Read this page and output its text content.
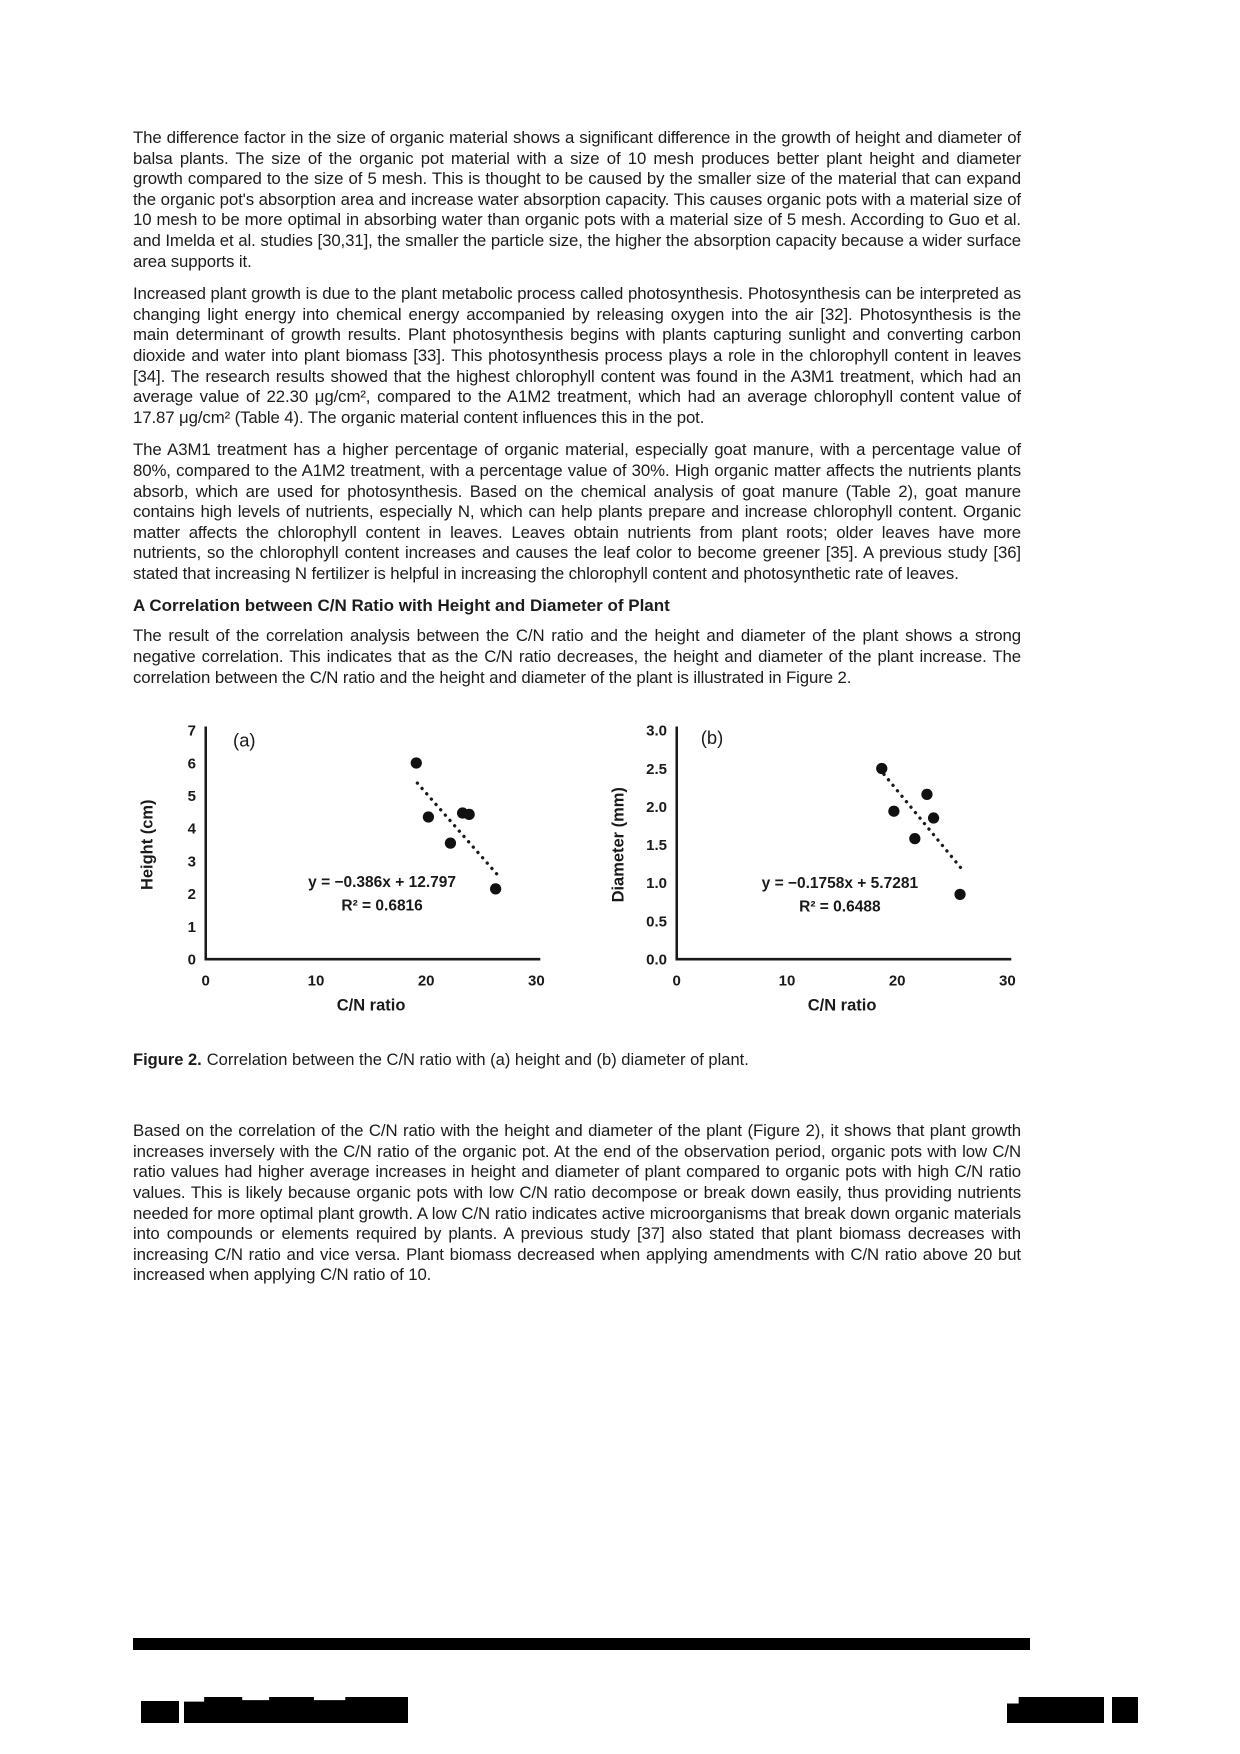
The difference factor in the size of organic material shows a significant difference in the growth of height and diameter of balsa plants. The size of the organic pot material with a size of 10 mesh produces better plant height and diameter growth compared to the size of 5 mesh. This is thought to be caused by the smaller size of the material that can expand the organic pot's absorption area and increase water absorption capacity. This causes organic pots with a material size of 10 mesh to be more optimal in absorbing water than organic pots with a material size of 5 mesh. According to Guo et al. and Imelda et al. studies [30,31], the smaller the particle size, the higher the absorption capacity because a wider surface area supports it.

Increased plant growth is due to the plant metabolic process called photosynthesis. Photosynthesis can be interpreted as changing light energy into chemical energy accompanied by releasing oxygen into the air [32]. Photosynthesis is the main determinant of growth results. Plant photosynthesis begins with plants capturing sunlight and converting carbon dioxide and water into plant biomass [33]. This photosynthesis process plays a role in the chlorophyll content in leaves [34]. The research results showed that the highest chlorophyll content was found in the A3M1 treatment, which had an average value of 22.30 μg/cm², compared to the A1M2 treatment, which had an average chlorophyll content value of 17.87 μg/cm² (Table 4). The organic material content influences this in the pot.

The A3M1 treatment has a higher percentage of organic material, especially goat manure, with a percentage value of 80%, compared to the A1M2 treatment, with a percentage value of 30%. High organic matter affects the nutrients plants absorb, which are used for photosynthesis. Based on the chemical analysis of goat manure (Table 2), goat manure contains high levels of nutrients, especially N, which can help plants prepare and increase chlorophyll content. Organic matter affects the chlorophyll content in leaves. Leaves obtain nutrients from plant roots; older leaves have more nutrients, so the chlorophyll content increases and causes the leaf color to become greener [35]. A previous study [36] stated that increasing N fertilizer is helpful in increasing the chlorophyll content and photosynthetic rate of leaves.

A Correlation between C/N Ratio with Height and Diameter of Plant

The result of the correlation analysis between the C/N ratio and the height and diameter of the plant shows a strong negative correlation. This indicates that as the C/N ratio decreases, the height and diameter of the plant increase. The correlation between the C/N ratio and the height and diameter of the plant is illustrated in Figure 2.

0
1
2
3
4
5
6
7
0	10	20	30
Height (cm)
C/N ratio
(a)
y = −0.386x + 12.797
R² = 0.6816
0.0
0.5
1.0
1.5
2.0
2.5
3.0
0	10	20	30
Diameter (mm)
C/N ratio
(b)
y = −0.1758x + 5.7281
R² = 0.6488

Figure 2. Correlation between the C/N ratio with (a) height and (b) diameter of plant.

Based on the correlation of the C/N ratio with the height and diameter of the plant (Figure 2), it shows that plant growth increases inversely with the C/N ratio of the organic pot. At the end of the observation period, organic pots with low C/N ratio values had higher average increases in height and diameter of plant compared to organic pots with high C/N ratio values. This is likely because organic pots with low C/N ratio decompose or break down easily, thus providing nutrients needed for more optimal plant growth. A low C/N ratio indicates active microorganisms that break down organic materials into compounds or elements required by plants. A previous study [37] also stated that plant biomass decreases with increasing C/N ratio and vice versa. Plant biomass decreased when applying amendments with C/N ratio above 20 but increased when applying C/N ratio of 10.
